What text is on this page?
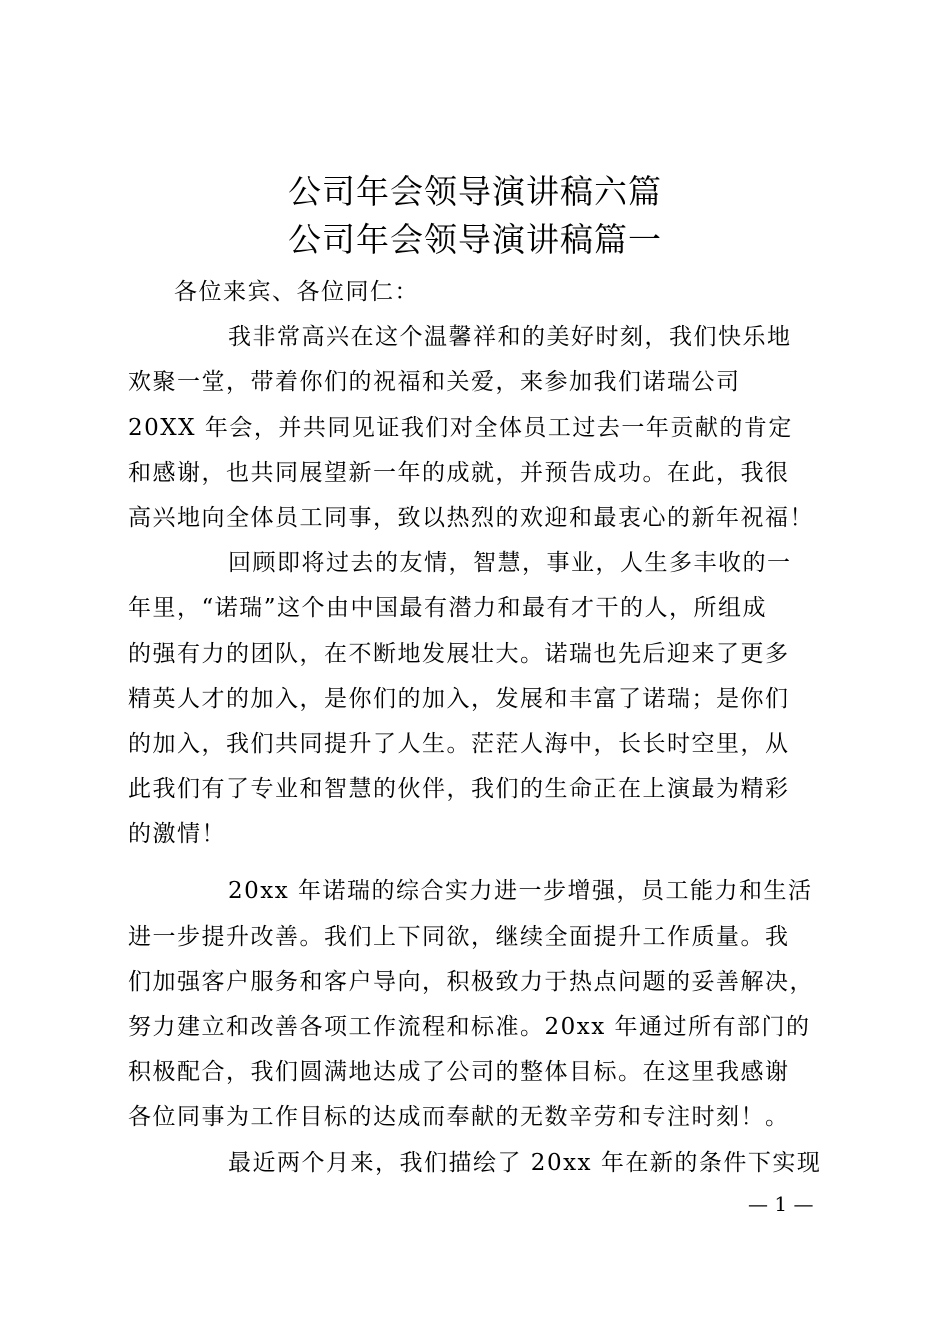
公司年会领导演讲稿六篇
公司年会领导演讲稿篇一
各位来宾、各位同仁：
我非常高兴在这个温馨祥和的美好时刻，我们快乐地
欢聚一堂，带着你们的祝福和关爱，来参加我们诺瑞公司
20XX 年会，并共同见证我们对全体员工过去一年贡献的肯定
和感谢，也共同展望新一年的成就，并预告成功。在此，我很
高兴地向全体员工同事，致以热烈的欢迎和最衷心的新年祝福！
回顾即将过去的友情，智慧，事业，人生多丰收的一
年里，“诺瑞”这个由中国最有潜力和最有才干的人，所组成
的强有力的团队，在不断地发展壮大。诺瑞也先后迎来了更多
精英人才的加入，是你们的加入，发展和丰富了诺瑞；是你们
的加入，我们共同提升了人生。茫茫人海中，长长时空里，从
此我们有了专业和智慧的伙伴，我们的生命正在上演最为精彩
的激情！
20xx 年诺瑞的综合实力进一步增强，员工能力和生活
进一步提升改善。我们上下同欲，继续全面提升工作质量。我
们加强客户服务和客户导向，积极致力于热点问题的妥善解决，
努力建立和改善各项工作流程和标准。20xx 年通过所有部门的
积极配合，我们圆满地达成了公司的整体目标。在这里我感谢
各位同事为工作目标的达成而奉献的无数辛劳和专注时刻！。
最近两个月来，我们描绘了 20xx 年在新的条件下实现
— 1 —
